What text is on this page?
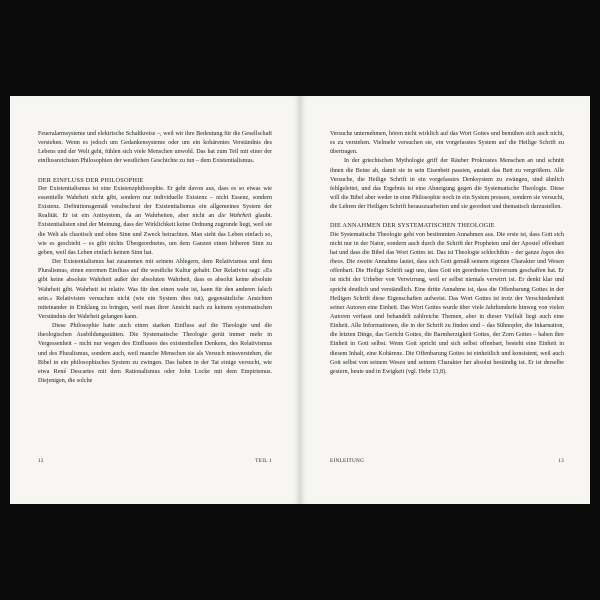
Feueralarmsysteme und elektrische Schaltkreise –, weil wir ihre Bedeutung für die Gesellschaft verstehen. Wenn es jedoch um Gedankensysteme oder um ein kohärentes Verständnis des Lebens und der Welt geht, fühlen sich viele Menschen unwohl. Das hat zum Teil mit einer der einflussreichsten Philosophien der westlichen Geschichte zu tun – dem Existentialismus.

DER EINFLUSS DER PHILOSOPHIE

Der Existentialismus ist eine Existenzphilosophie. Er geht davon aus, dass es so etwas wie essentielle Wahrheit nicht gibt, sondern nur individuelle Existenz – nicht Essenz, sondern Existenz. Definitionsgemäß verabscheut der Existentialismus ein allgemeines System der Realität. Er ist ein Antisystem, da an Wahrheiten, aber nicht an die Wahrheit glaubt. Existentialisten sind der Meinung, dass der Wirklichkeit keine Ordnung zugrunde liegt, weil sie die Welt als chaotisch und ohne Sinn und Zweck betrachten. Man sieht das Leben einfach so, wie es geschieht – es gibt nichts Übergeordnetes, um dem Ganzen einen höheren Sinn zu geben, weil das Leben einfach keinen Sinn hat.

Der Existentialismus hat zusammen mit seinem Ablegern, dem Relativismus und dem Pluralismus, einen enormen Einfluss auf die westliche Kultur gehabt. Der Relativist sagt: »Es gibt keine absolute Wahrheit außer der absoluten Wahrheit, dass es absolut keine absolute Wahrheit gibt. Wahrheit ist relativ. Was für den einen wahr ist, kann für den anderen falsch sein.« Relativisten versuchen nicht (wie ein System dies tut), gegensätzliche Ansichten miteinander in Einklang zu bringen, weil man ihrer Ansicht nach zu keinem systematischen Verständnis der Wahrheit gelangen kann.

Diese Philosophie hatte auch einen starken Einfluss auf die Theologie und die theologischen Ausbildungsstätten. Die Systematische Theologie gerät immer mehr in Vergessenheit – nicht nur wegen des Einflusses des existentiellen Denkens, des Relativismus und des Pluralismus, sondern auch, weil manche Menschen sie als Versuch missverstehen, die Bibel in ein philosophisches System zu zwingen. Das haben in der Tat einige versucht, wie etwa René Descartes mit dem Rationalismus oder John Locke mit dem Empirismus. Diejenigen, die solche

12	TEIL 1

Versuche unternehmen, hören nicht wirklich auf das Wort Gottes und bemühen sich auch nicht, es zu verstehen. Vielmehr versuchen sie, ein vorgefasstes System auf die Heilige Schrift zu übertragen.

In der griechischen Mythologie griff der Räuber Prokrustes Menschen an und schnitt ihnen die Beine ab, damit sie in sein Eisenbett passten, anstatt das Bett zu vergrößern. Alle Versuche, die Heilige Schrift in ein vorgefasstes Denksystem zu zwängen, sind ähnlich fehlgeleitet, und das Ergebnis ist eine Abneigung gegen die Systematische Theologie. Diese will die Bibel aber weder in eine Philosophie noch in ein System pressen, sondern sie versucht, die Lehren der Heiligen Schrift herauszuarbeiten und sie geordnet und thematisch darzustellen.

DIE ANNAHMEN DER SYSTEMATISCHEN THEOLOGIE

Die Systematische Theologie geht von bestimmten Annahmen aus. Die erste ist, dass Gott sich nicht nur in der Natur, sondern auch durch die Schrift der Propheten und der Apostel offenbart hat und dass die Bibel das Wort Gottes ist. Das ist Theologie schlechthin – der ganze logos des theos. Die zweite Annahme lautet, dass sich Gott gemäß seinem eigenen Charakter und Wesen offenbart. Die Heilige Schrift sagt uns, dass Gott ein geordnetes Universum geschaffen hat. Er ist nicht der Urheber von Verwirrung, weil er selbst niemals verwirrt ist. Er denkt klar und spricht deutlich und verständlich. Eine dritte Annahme ist, dass die Offenbarung Gottes in der Heiligen Schrift diese Eigenschaften aufweist. Das Wort Gottes ist trotz der Verschiedenheit seiner Autoren eine Einheit. Das Wort Gottes wurde über viele Jahrhunderte hinweg von vielen Autoren verfasst und behandelt zahlreiche Themen, aber in dieser Vielfalt liegt auch eine Einheit. Alle Informationen, die in der Schrift zu finden sind – das Sühnopfer, die Inkarnation, die letzten Dinge, das Gericht Gottes, die Barmherzigkeit Gottes, der Zorn Gottes – haben ihre Einheit in Gott selbst. Wenn Gott spricht und sich selbst offenbart, besteht eine Einheit in diesem Inhalt, eine Kohärenz. Die Offenbarung Gottes ist einheitlich und konsistent, weil auch Gott selbst von seinem Wesen und seinem Charakter her absolut beständig ist. Er ist derselbe gestern, heute und in Ewigkeit (vgl. Hebr 13,8).

EINLEITUNG	13
